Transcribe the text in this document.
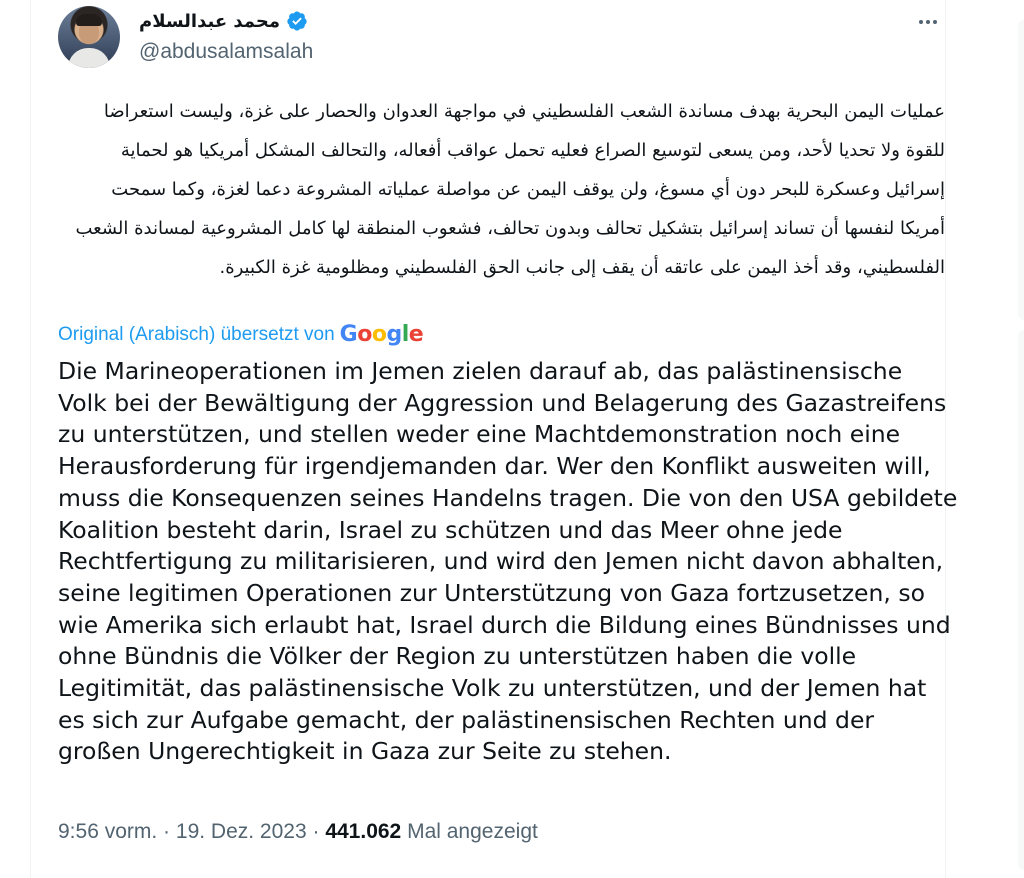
محمد عبدالسلام
@abdusalamsalah
عمليات اليمن البحرية بهدف مساندة الشعب الفلسطيني في مواجهة العدوان والحصار على غزة، وليست استعراضا للقوة ولا تحديا لأحد، ومن يسعى لتوسيع الصراع فعليه تحمل عواقب أفعاله، والتحالف المشكل أمريكيا هو لحماية إسرائيل وعسكرة للبحر دون أي مسوغ، ولن يوقف اليمن عن مواصلة عملياته المشروعة دعما لغزة، وكما سمحت أمريكا لنفسها أن تساند إسرائيل بتشكيل تحالف وبدون تحالف، فشعوب المنطقة لها كامل المشروعية لمساندة الشعب الفلسطيني، وقد أخذ اليمن على عاتقه أن يقف إلى جانب الحق الفلسطيني ومظلومية غزة الكبيرة.
Original (Arabisch) übersetzt von Google
Die Marineoperationen im Jemen zielen darauf ab, das palästinensische Volk bei der Bewältigung der Aggression und Belagerung des Gazastreifens zu unterstützen, und stellen weder eine Machtdemonstration noch eine Herausforderung für irgendjemanden dar. Wer den Konflikt ausweiten will, muss die Konsequenzen seines Handelns tragen. Die von den USA gebildete Koalition besteht darin, Israel zu schützen und das Meer ohne jede Rechtfertigung zu militarisieren, und wird den Jemen nicht davon abhalten, seine legitimen Operationen zur Unterstützung von Gaza fortzusetzen, so wie Amerika sich erlaubt hat, Israel durch die Bildung eines Bündnisses und ohne Bündnis die Völker der Region zu unterstützen haben die volle Legitimität, das palästinensische Volk zu unterstützen, und der Jemen hat es sich zur Aufgabe gemacht, der palästinensischen Rechten und der großen Ungerechtigkeit in Gaza zur Seite zu stehen.
9:56 vorm. · 19. Dez. 2023 · 441.062 Mal angezeigt
